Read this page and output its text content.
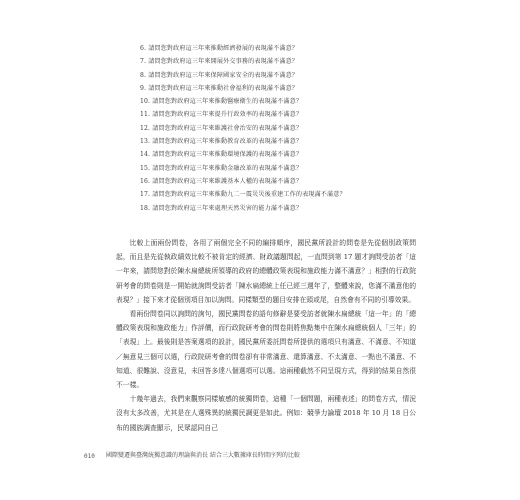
6. 請問您對政府這三年來推動經濟發展的表現滿不滿意？
7. 請問您對政府這三年來開展外交事務的表現滿不滿意？
8. 請問您對政府這三年來保障國家安全的表現滿不滿意？
9. 請問您對政府這三年來推動社會福利的表現滿不滿意？
10. 請問您對政府這三年來推動醫療衛生的表現滿不滿意？
11. 請問您對政府這三年來提升行政效率的表現滿不滿意？
12. 請問您對政府這三年來維護社會治安的表現滿不滿意？
13. 請問您對政府這三年來推動教育改革的表現滿不滿意？
14. 請問您對政府這三年來推動環境保護的表現滿不滿意？
15. 請問您對政府這三年來推動金融改革的表現滿不滿意？
16. 請問您對政府這三年來維護基本人權的表現滿不滿意？
17. 請問您對政府這三年來推動九二一震災災後重建工作的表現滿不滿意？
18. 請問您對政府這三年來處理天然災害的能力滿不滿意？

比較上面兩份問卷，各用了兩個完全不同的編排順序，國民黨所設計的問卷是先從個別政策問起，而且是先從執政績效比較不被肯定的經濟、財政議題問起，一直問到第 17 題才詢問受訪者「這一年來，請問您對於陳水扁總統所領導的政府的總體政策表現和施政能力滿不滿意？」相對的行政院研考會的問卷則是一開始就詢問受訪者「陳水扁總統上任已經三週年了，整體來說，您滿不滿意他的表現？」接下來才從個別項目加以詢問。同樣類型的題目安排在頭或尾，自然會有不同的引導效果。

看兩份問卷同以詢問的詢句，國民黨問卷的語句修辭是要受訪者就陳水扁總統「這一年」的「總體政策表現和施政能力」作評價，而行政院研考會的問卷則將焦點集中在陳水扁總統個人「三年」的「表現」上。最後則是答案選項的設計，國民黨所委託問卷所提供的選項只有滿意、不滿意、不知道／無意見三個可以選，行政院研考會的問卷卻有非常滿意、還算滿意、不太滿意、一點也不滿意、不知道、很難說、沒意見，未回答多達八個選項可以選。這兩種截然不同呈現方式，得到的結果自然很不一樣。

十幾年過去，我們來觀察同樣敏感的統獨問卷，這種「一個問題，兩種表述」的問卷方式，情況沒有太多改善，尤其是在人選殊異的統獨民調更是如此。例如：競爭力論壇 2018 年 10 月 18 日公布的國族調查顯示，民眾認同自己

010 國際變遷與臺灣統獨意識的理論與消長 結合三大數據庫長時間序列的比較
